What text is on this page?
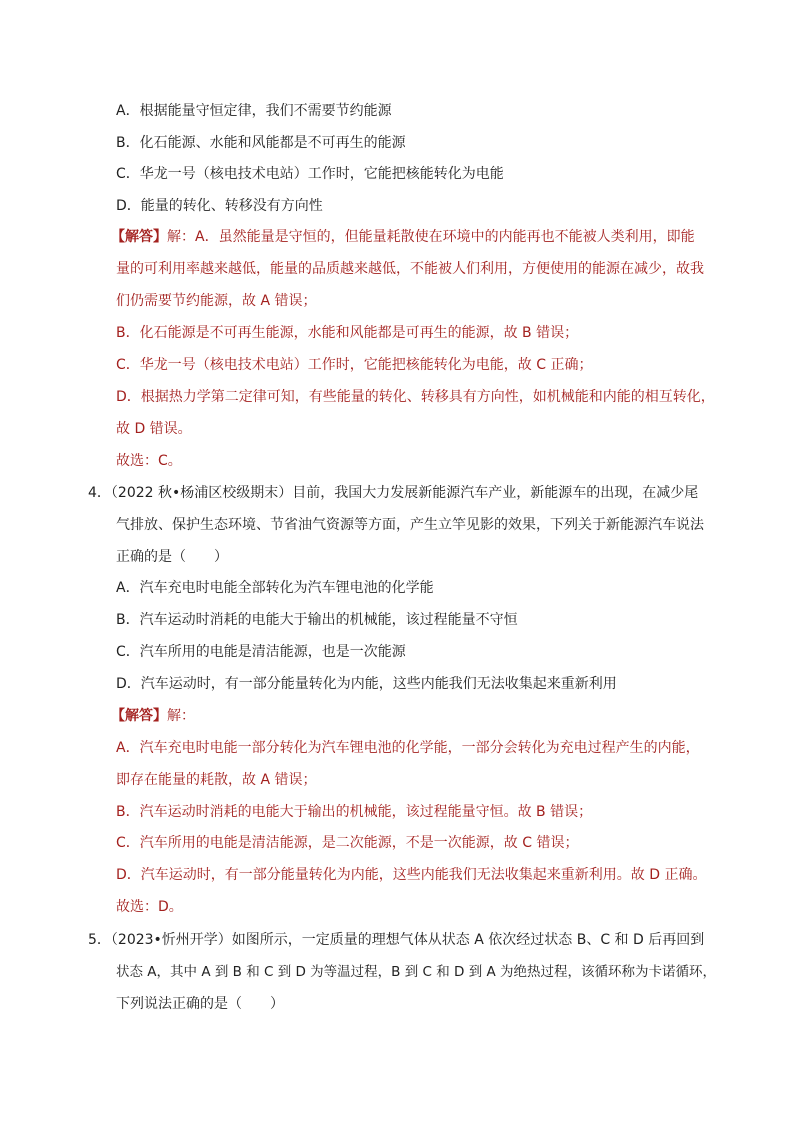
A．根据能量守恒定律，我们不需要节约能源
B．化石能源、水能和风能都是不可再生的能源
C．华龙一号（核电技术电站）工作时，它能把核能转化为电能
D．能量的转化、转移没有方向性
【解答】解：A．虽然能量是守恒的，但能量耗散使在环境中的内能再也不能被人类利用，即能
量的可利用率越来越低，能量的品质越来越低，不能被人们利用，方便使用的能源在减少，故我
们仍需要节约能源，故 A 错误；
B．化石能源是不可再生能源，水能和风能都是可再生的能源，故 B 错误；
C．华龙一号（核电技术电站）工作时，它能把核能转化为电能，故 C 正确；
D．根据热力学第二定律可知，有些能量的转化、转移具有方向性，如机械能和内能的相互转化，
故 D 错误。
故选：C。
4．（2022 秋•杨浦区校级期末）目前，我国大力发展新能源汽车产业，新能源车的出现，在减少尾
气排放、保护生态环境、节省油气资源等方面，产生立竿见影的效果，下列关于新能源汽车说法
正确的是（　　）
A．汽车充电时电能全部转化为汽车锂电池的化学能
B．汽车运动时消耗的电能大于输出的机械能，该过程能量不守恒
C．汽车所用的电能是清洁能源，也是一次能源
D．汽车运动时，有一部分能量转化为内能，这些内能我们无法收集起来重新利用
【解答】解：
A．汽车充电时电能一部分转化为汽车锂电池的化学能，一部分会转化为充电过程产生的内能，
即存在能量的耗散，故 A 错误；
B．汽车运动时消耗的电能大于输出的机械能，该过程能量守恒。故 B 错误；
C．汽车所用的电能是清洁能源，是二次能源，不是一次能源，故 C 错误；
D．汽车运动时，有一部分能量转化为内能，这些内能我们无法收集起来重新利用。故 D 正确。
故选：D。
5．（2023•忻州开学）如图所示，一定质量的理想气体从状态 A 依次经过状态 B、C 和 D 后再回到
状态 A，其中 A 到 B 和 C 到 D 为等温过程，B 到 C 和 D 到 A 为绝热过程，该循环称为卡诺循环，
下列说法正确的是（　　）
